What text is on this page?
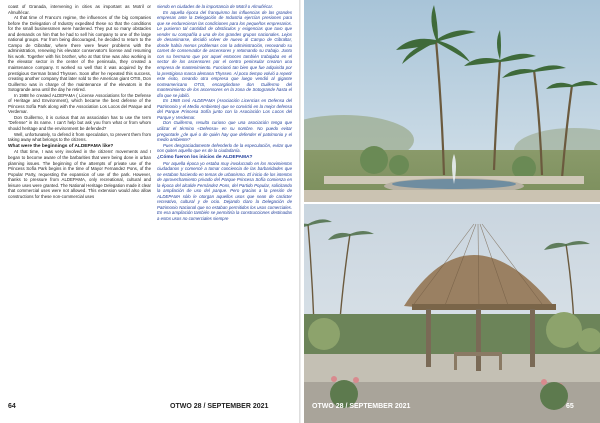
coast of Granada, intervening in cities as important as Motril or Almuñécar.

At that time of Franco's regime, the influences of the big companies before the Delegation of Industry expedited these so that the conditions for the small businessmen were hardened. They put so many obstacles and demands on him that he had to sell his company to one of the large national groups. Far from being discouraged, he decided to return to the Campo de Gibraltar, where there were fewer problems with the administration, renewing his elevator conservator's license and resuming his work. Together with his brother, who at that time was also working in the elevator sector in the center of the peninsula, they created a maintenance company. It worked so well that it was acquired by the prestigious German brand Thyssen. Soon after he repeated this success, creating another company that later sold to the American giant OTIS, Don Guillermo was in charge of the maintenance of the elevators in the Sotogrande area until the day he retired.

In 1988 he created ALDEPAMA ( License Associations for the Defense of Heritage and Environment), which became the best defense of the Princess Sofía Park along with the Association Los Locos del Parque and Verdemar.

Don Guillermo, it is curious that an association has to use the term "Defense" in its name. I can't help but ask you from what or from whom should heritage and the environment be defended?

Well, unfortunately, to defend it from speculation, to prevent them from taking away what belongs to the citizens.

What were the beginnings of ALDEPAMA like?

At that time, I was very involved in the citizens' movements and I began to become aware of the barbarities that were being done in urban planning issues. The beginning of the attempts of private use of the Princess Sofía Park begins in the time of Mayor Fernandez Pons, of the Popular Party, requesting the expansion of use of the park. However, thanks to pressure from ALDEPAMA, only recreational, cultural and leisure uses were granted. The National Heritage Delegation made it clear that commercial uses were not allowed. This extension would also allow constructions for these non-commercial uses

siendo en ciudades de la importancia de Motril o Almuñécar.

En aquella época del franquismo las influencias de las grandes empresas ante la Delegación de Industria ejercían presiones para que se endurecieran las condiciones para los pequeños empresarios. Le pusieron tal cantidad de obstáculos y exigencias que tuvo que vender su compañía a una de los grandes grupos nacionales. Lejos de desanimarse, decidió volver de nuevo al Campo de Gibraltar, donde había menos problemas con la administración, renovando su carnet de conservador de ascensores y retomando su trabajo. Junto con su hermano que por aquel entonces también trabajaba en el sector de los ascensores por el centro peninsular crearon una empresa de mantenimiento. Funcionó tan bien que fue adquirida por la prestigiosa marca alemana Thyssen. Al poco tiempo volvió a repetir este éxito, creando otra empresa que luego vendió al gigante norteamericano OTIS, encargándose don Guillermo del mantenimiento de los ascensores en la zona de Sotogrande hasta el día que se jubiló.

En 1988 creó ALDEPAMA (Asociación Licencias en Defensa del Patrimonio y el Medio Ambiente) que se convirtió en la mejor defensa del Parque Princesa Sofía junto con la Asociación Los Locos del Parque y Verdemar.

Don Guillermo, resulta curioso que una asociación tenga que utilizar el término «Defensa» en su nombre. No puedo evitar preguntarle ¿de qué o de quién hay que defender el patrimonio y el medio ambiente?

Pues desgraciadamente defenderlo de la especulación, evitar que nos quiten aquello que es de la ciudadanía.

¿Cómo fueron los inicios de ALDEPAMA?

Por aquella época yo estaba muy involucrado en los movimientos ciudadanos y comencé a tomar conciencia de las barbaridades que se estaban haciendo en temas de urbanismo. El inicio de los intentos de aprovechamiento privado del Parque Princesa Sofía comienza en la época del alcalde Fernández Pons, del Partido Popular, solicitando la ampliación de uso del parque. Pero gracias a la presión de ALDEPAMA sólo le otorgan aquellos usos que sean de carácter recreativo, cultural y de ocio. Dejando claro la Delegación de Patrimonio Nacional que no estaban permitidos los usos comerciales. En esa ampliación también se permitiría la construcciones destinadas a estos usos no comerciales siempre

64	OTWO 28 / SEPTEMBER 2021	OTWO 28 / SEPTEMBER 2021	65
